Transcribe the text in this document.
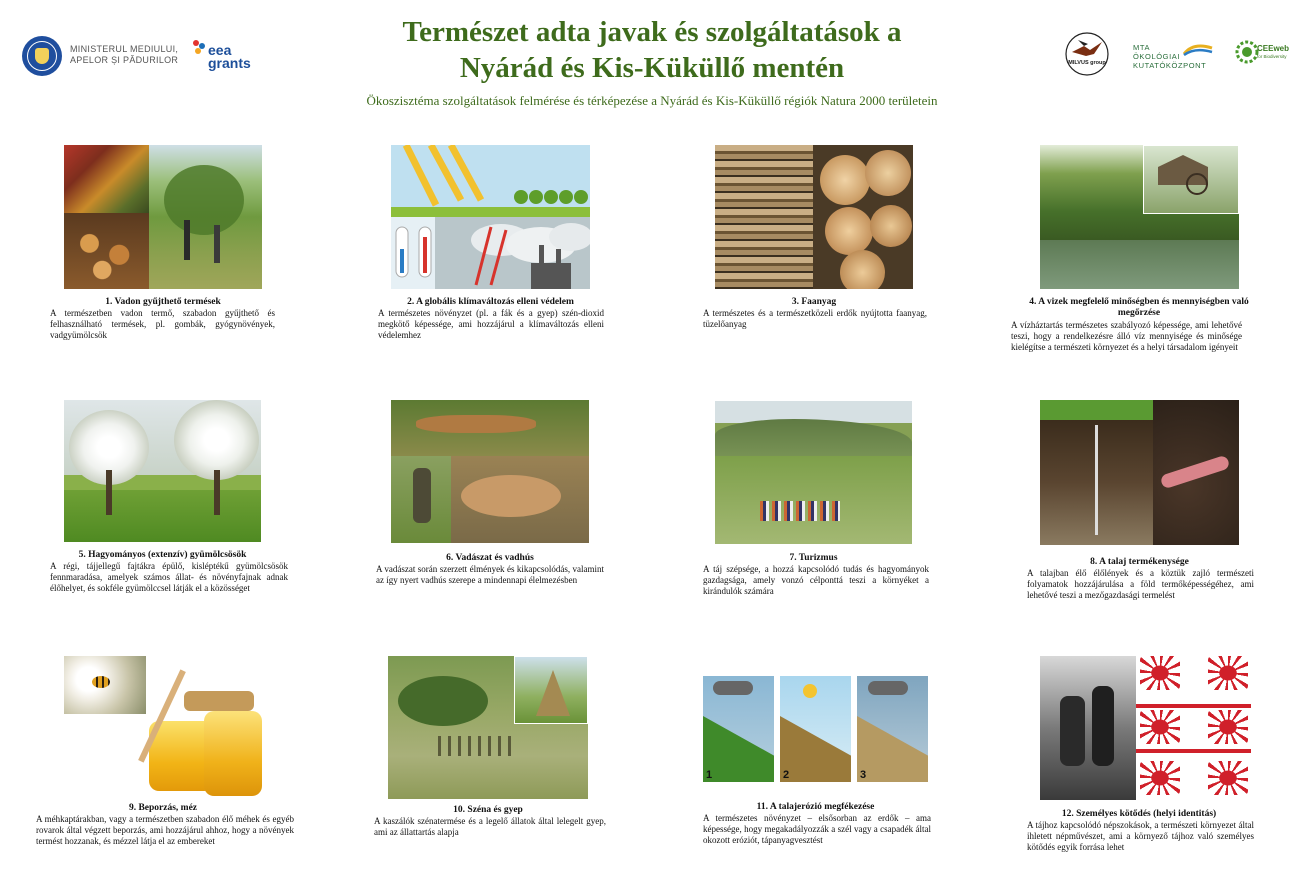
Természet adta javak és szolgáltatások a
Nyárád és Kis-Küküllő mentén
Ökoszisztéma szolgáltatások felmérése és térképezése a Nyárád és Kis-Küküllő régiók Natura 2000 területein
MINISTERUL MEDIULUI,
APELOR ȘI PĂDURILOR
eea
grants	MILVUS group
MTA
ÖKOLÓGIAI
KUTATÓKÖZPONT
CEEweb
for Biodiversity
1. Vadon gyűjthető termések
A természetben vadon termő, szabadon gyűjthető és felhasználható termések, pl. gombák, gyógynövények, vadgyümölcsök
2. A globális klímaváltozás elleni védelem
A természetes növényzet (pl. a fák és a gyep) szén-dioxid megkötő képessége, ami hozzájárul a klímaváltozás elleni védelemhez
3. Faanyag
A természetes és a természetközeli erdők nyújtotta faanyag, tüzelőanyag
4. A vizek megfelelő minőségben és mennyiségben való megőrzése
A vízháztartás természetes szabályozó képessége, ami lehetővé teszi, hogy a rendelkezésre álló víz mennyisége és minősége kielégítse a természeti környezet és a helyi társadalom igényeit
5. Hagyományos (extenzív) gyümölcsösök
A régi, tájjellegű fajtákra épülő, kisléptékű gyümölcsösök fennmaradása, amelyek számos állat- és növényfajnak adnak élőhelyet, és sokféle gyümölccsel látják el a közösséget
6. Vadászat és vadhús
A vadászat során szerzett élmények és kikapcsolódás, valamint az így nyert vadhús szerepe a mindennapi élelmezésben
7. Turizmus
A táj szépsége, a hozzá kapcsolódó tudás és hagyományok gazdagsága, amely vonzó célponttá teszi a környéket a kirándulók számára
8. A talaj termékenysége
A talajban élő élőlények és a köztük zajló természeti folyamatok hozzájárulása a föld termőképességéhez, ami lehetővé teszi a mezőgazdasági termelést
9. Beporzás, méz
A méhkaptárakban, vagy a természetben szabadon élő méhek és egyéb rovarok által végzett beporzás, ami hozzájárul ahhoz, hogy a növények termést hozzanak, és mézzel látja el az embereket
10. Széna és gyep
A kaszálók szénatermése és a legelő állatok által lelegelt gyep, ami az állattartás alapja
1	2	3
11. A talajerózió megfékezése
A természetes növényzet – elsősorban az erdők – ama képessége, hogy megakadályozzák a szél vagy a csapadék által okozott eróziót, tápanyagvesztést
12. Személyes kötődés (helyi identitás)
A tájhoz kapcsolódó népszokások, a természeti környezet által ihletett népművészet, ami a környező tájhoz való személyes kötődés egyik forrása lehet
